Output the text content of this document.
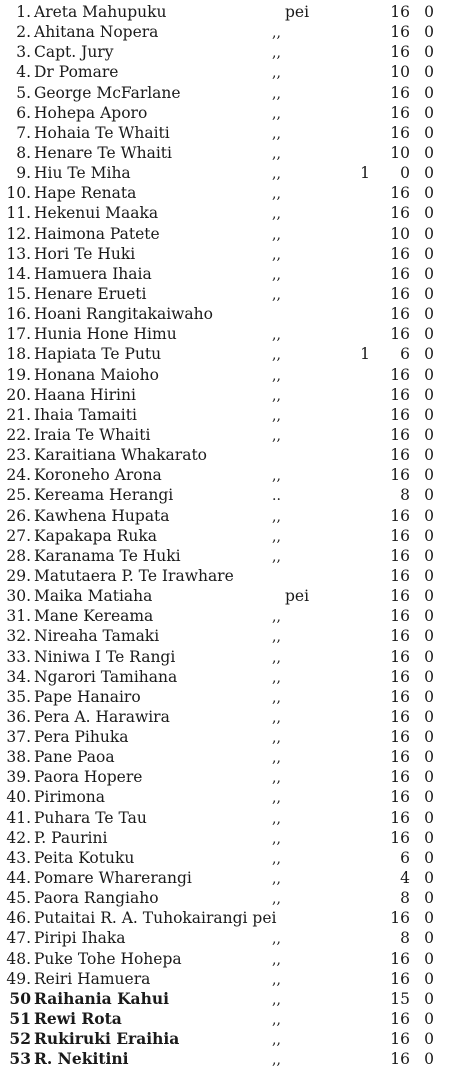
1. Areta Mahupuku	pei	16 0
2. Ahitana Nopera	,,	16 0
3. Capt. Jury	,,	16 0
4. Dr Pomare	,,	10 0
5. George McFarlane	,,	16 0
6. Hohepa Aporo	,,	16 0
7. Hohaia Te Whaiti	,,	16 0
8. Henare Te Whaiti	,,	10 0
9. Hiu Te Miha	,,	1	0 0
10. Hape Renata	,,	16 0
11. Hekenui Maaka	,,	16 0
12. Haimona Patete	,,	10 0
13. Hori Te Huki	,,	16 0
14. Hamuera Ihaia	,,	16 0
15. Henare Erueti	,,	16 0
16. Hoani Rangitakaiwaho	16 0
17. Hunia Hone Himu	,,	16 0
18. Hapiata Te Putu	,,	1	6 0
19. Honana Maioho	,,	16 0
20. Haana Hirini	,,	16 0
21. Ihaia Tamaiti	,,	16 0
22. Iraia Te Whaiti	,,	16 0
23. Karaitiana Whakarato	16 0
24. Koroneho Arona	,,	16 0
25. Kereama Herangi	..	8 0
26. Kawhena Hupata	,,	16 0
27. Kapakapa Ruka	,,	16 0
28. Karanama Te Huki	,,	16 0
29. Matutaera P. Te Irawhare	16 0
30. Maika Matiaha	pei	16 0
31. Mane Kereama	,,	16 0
32. Nireaha Tamaki	,,	16 0
33. Niniwa I Te Rangi	,,	16 0
34. Ngarori Tamihana	,,	16 0
35. Pape Hanairo	,,	16 0
36. Pera A. Harawira	,,	16 0
37. Pera Pihuka	,,	16 0
38. Pane Paoa	,,	16 0
39. Paora Hopere	,,	16 0
40. Pirimona	,,	16 0
41. Puhara Te Tau	,,	16 0
42. P. Paurini	,,	16 0
43. Peita Kotuku	,,	6 0
44. Pomare Wharerangi	,,	4 0
45. Paora Rangiaho	,,	8 0
46. Putaitai R. A. Tuhokairangi pei	16 0
47. Piripi Ihaka	,,	8 0
48. Puke Tohe Hohepa	,,	16 0
49. Reiri Hamuera	,,	16 0
50 Raihania Kahui	,,	15 0
51 Rewi Rota	,,	16 0
52 Rukiruki Eraihia	,,	16 0
53 R. Nekitini	,,	16 0
